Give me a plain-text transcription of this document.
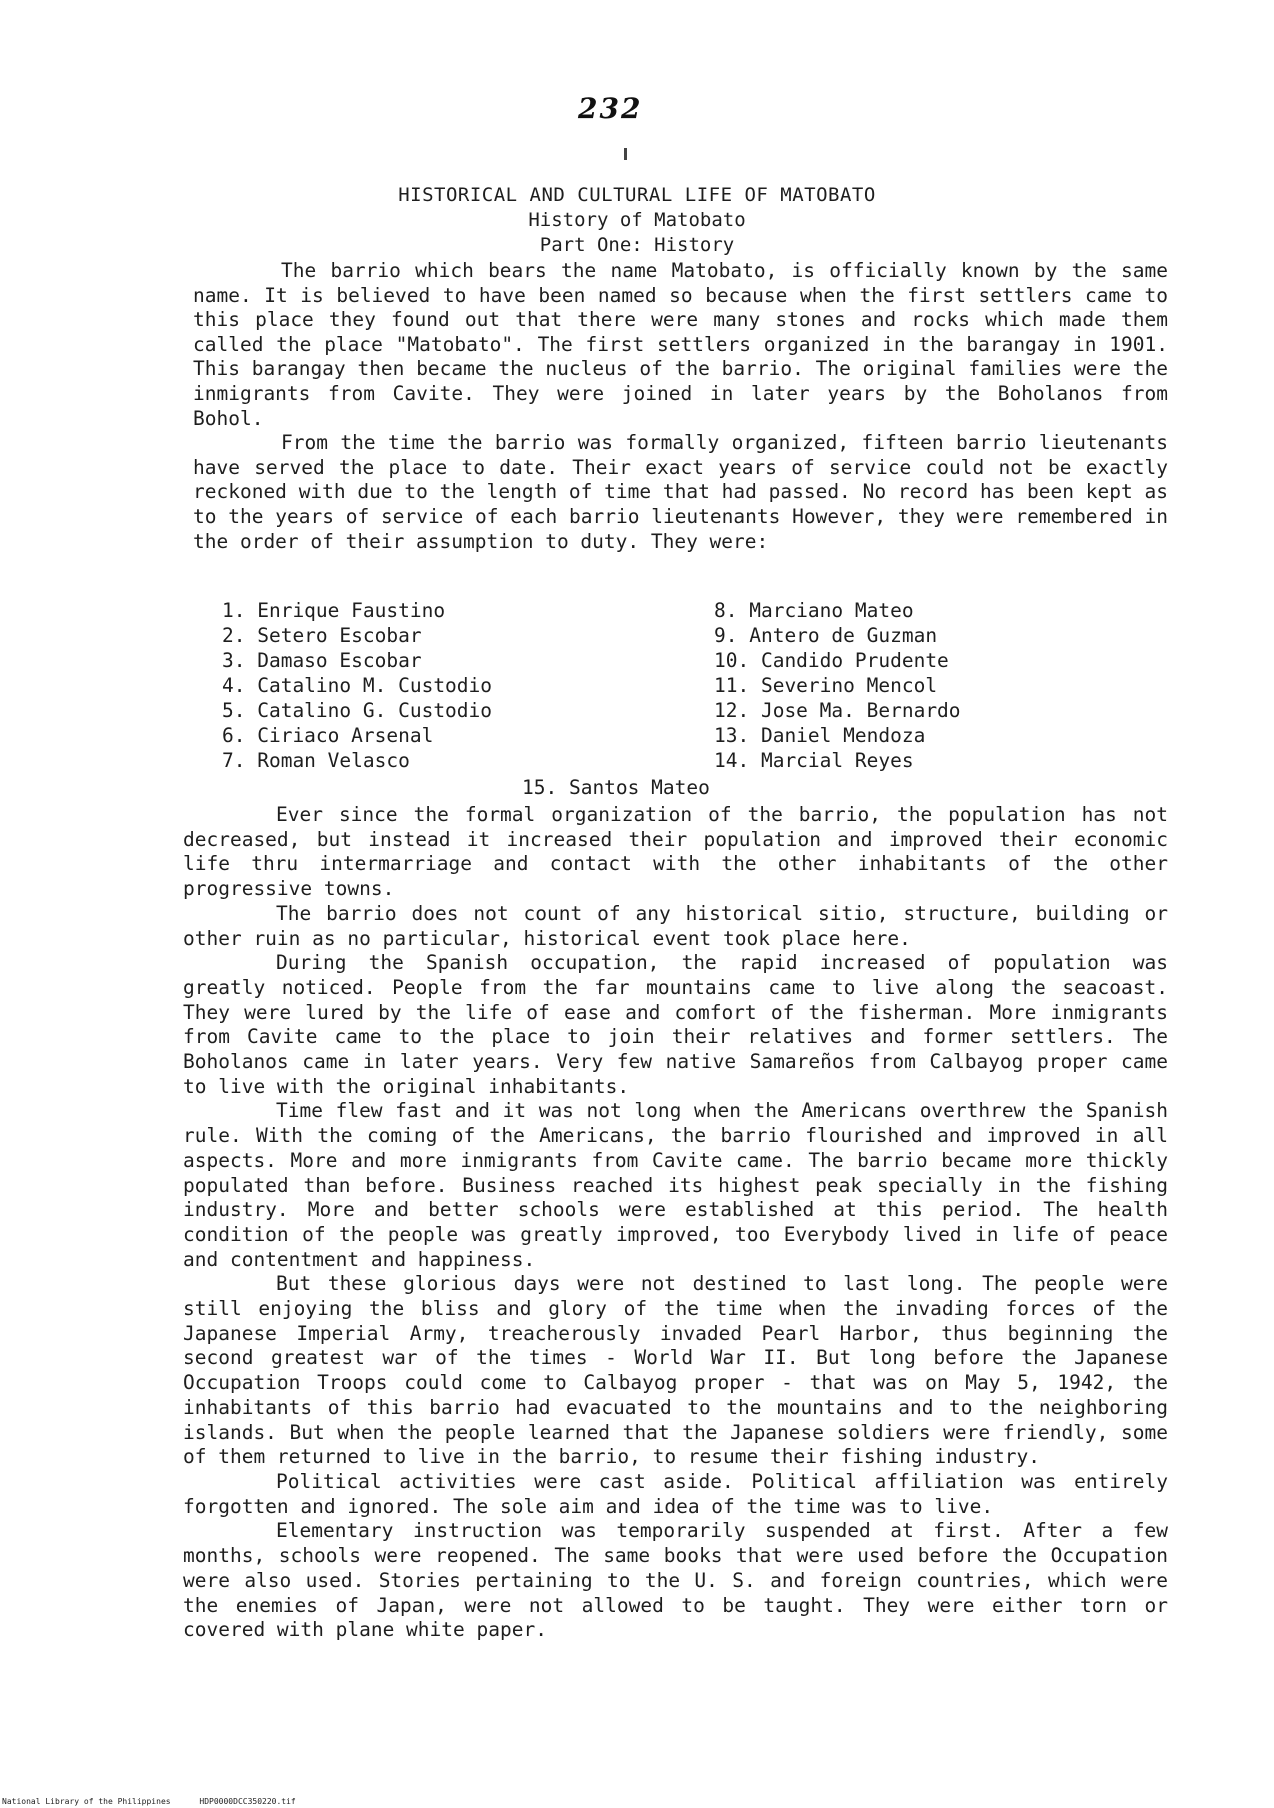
232
HISTORICAL AND CULTURAL LIFE OF MATOBATO
History of Matobato
Part One: History

The barrio which bears the name Matobato, is officially known by the same name. It is believed to have been named so because when the first settlers came to this place they found out that there were many stones and rocks which made them called the place "Matobato". The first settlers organized in the barangay in 1901. This barangay then became the nucleus of the barrio. The original families were the inmigrants from Cavite. They were joined in later years by the Boholanos from Bohol.

From the time the barrio was formally organized, fifteen barrio lieutenants have served the place to date. Their exact years of service could not be exactly reckoned with due to the length of time that had passed. No record has been kept as to the years of service of each barrio lieutenants However, they were remembered in the order of their assumption to duty. They were:

1. Enrique Faustino
2. Setero Escobar
3. Damaso Escobar
4. Catalino M. Custodio
5. Catalino G. Custodio
6. Ciriaco Arsenal
7. Roman Velasco
8. Marciano Mateo
9. Antero de Guzman
10. Candido Prudente
11. Severino Mencol
12. Jose Ma. Bernardo
13. Daniel Mendoza
14. Marcial Reyes
15. Santos Mateo

Ever since the formal organization of the barrio, the population has not decreased, but instead it increased their population and improved their economic life thru intermarriage and contact with the other inhabitants of the other progressive towns.

The barrio does not count of any historical sitio, structure, building or other ruin as no particular, historical event took place here.

During the Spanish occupation, the rapid increased of population was greatly noticed. People from the far mountains came to live along the seacoast. They were lured by the life of ease and comfort of the fisherman. More inmigrants from Cavite came to the place to join their relatives and former settlers. The Boholanos came in later years. Very few native Samareños from Calbayog proper came to live with the original inhabitants.

Time flew fast and it was not long when the Americans overthrew the Spanish rule. With the coming of the Americans, the barrio flourished and improved in all aspects. More and more inmigrants from Cavite came. The barrio became more thickly populated than before. Business reached its highest peak specially in the fishing industry. More and better schools were established at this period. The health condition of the people was greatly improved, too Everybody lived in life of peace and contentment and happiness.

But these glorious days were not destined to last long. The people were still enjoying the bliss and glory of the time when the invading forces of the Japanese Imperial Army, treacherously invaded Pearl Harbor, thus beginning the second greatest war of the times - World War II. But long before the Japanese Occupation Troops could come to Calbayog proper - that was on May 5, 1942, the inhabitants of this barrio had evacuated to the mountains and to the neighboring islands. But when the people learned that the Japanese soldiers were friendly, some of them returned to live in the barrio, to resume their fishing industry.

Political activities were cast aside. Political affiliation was entirely forgotten and ignored. The sole aim and idea of the time was to live.

Elementary instruction was temporarily suspended at first. After a few months, schools were reopened. The same books that were used before the Occupation were also used. Stories pertaining to the U. S. and foreign countries, which were the enemies of Japan, were not allowed to be taught. They were either torn or covered with plane white paper.

National Library of the Philippines	HDP0000DCC350220.tif
